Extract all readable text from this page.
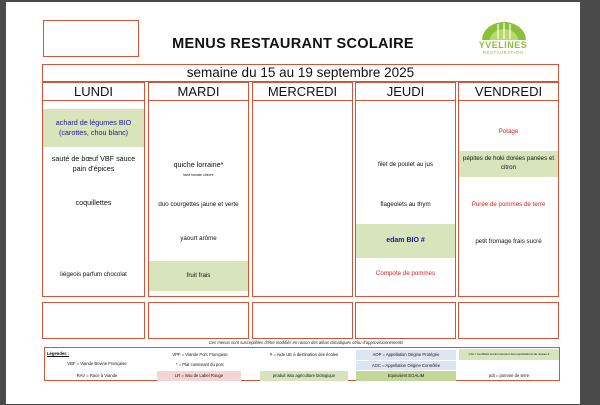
MENUS RESTAURANT SCOLAIRE	YVELINES
RESTAURATION
semaine du 15 au 19 septembre 2025
LUNDI
achard de légumes BIO (carottes, chou blanc)
sauté de bœuf VBF sauce pain d'épices
coquillettes
liégeois parfum chocolat
MARDI
quiche lorraine*
tarte tomate chèvre
duo courgettes jaune et verte
yaourt arôme
fruit frais
MERCREDI	JEUDI
filet de poulet au jus
flageolets au thym
edam BIO #
Compote de pommes
VENDREDI
Potage
pépites de hoki dorées panées et citron
Purée de pommes de terre
petit fromage frais sucré
Ces menus sont susceptibles d'être modifiés en raison des aléas climatiques et/ou d'approvisionnements
Légendes :
VBF = Viande Bovine Française
RAV = Race à Viande
VPF = Viande Porc Française
* = Plat contenant du porc
LR = issu de Label Rouge
# = Aide UE à destination des écoles
produit issu agriculture biologique
AOP = Appellation Origine Protégée
AOC = Appellation Origine Contrôlée
Equivalent EGALIM
CSI = Certifiant environnement des exploitations de niveau 3
pdt = pomme de terre
